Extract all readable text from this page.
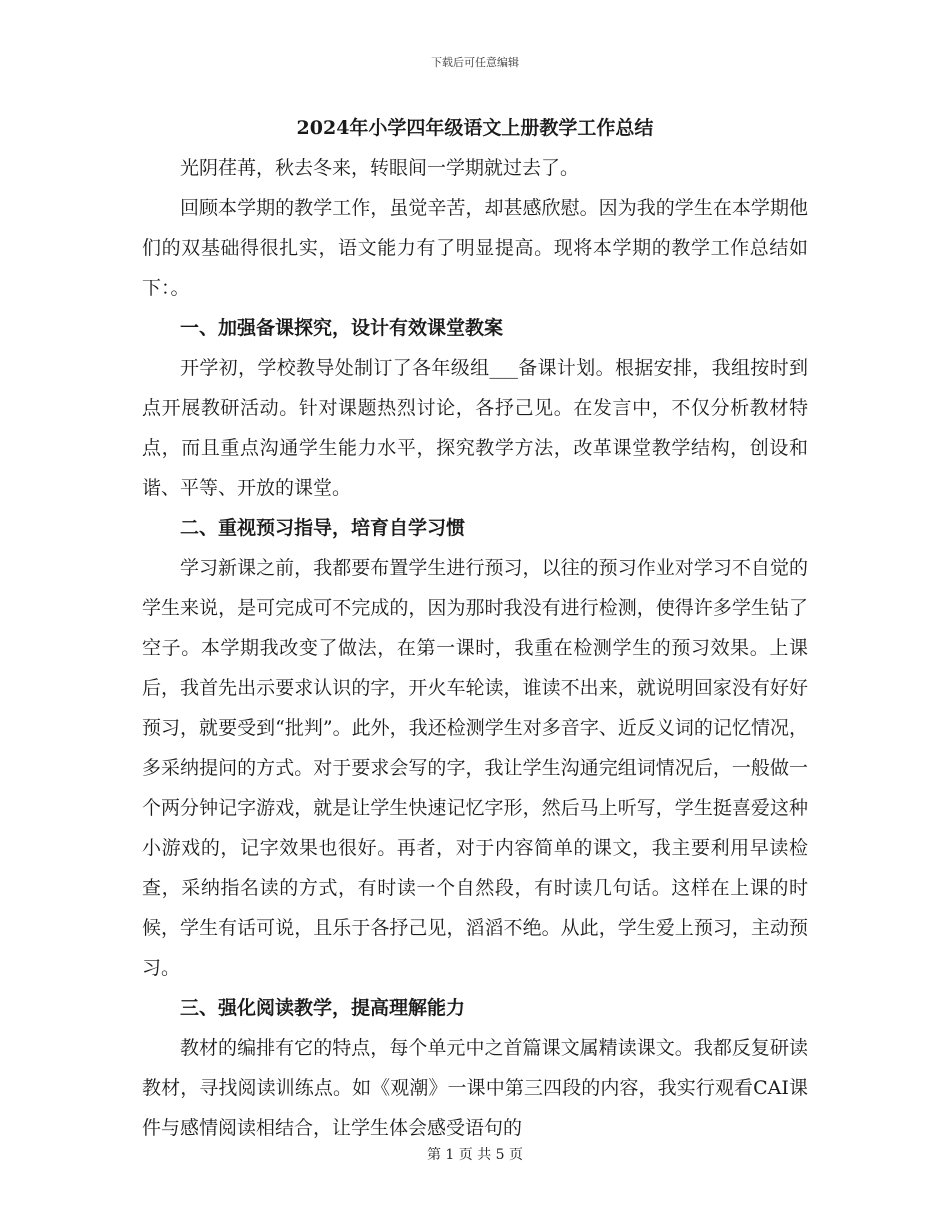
下载后可任意编辑

2024年小学四年级语文上册教学工作总结

光阴荏苒，秋去冬来，转眼间一学期就过去了。

回顾本学期的教学工作，虽觉辛苦，却甚感欣慰。因为我的学生在本学期他们的双基础得很扎实，语文能力有了明显提高。现将本学期的教学工作总结如下：。

一、加强备课探究，设计有效课堂教案

开学初，学校教导处制订了各年级组___备课计划。根据安排，我组按时到点开展教研活动。针对课题热烈讨论，各抒己见。在发言中，不仅分析教材特点，而且重点沟通学生能力水平，探究教学方法，改革课堂教学结构，创设和谐、平等、开放的课堂。

二、重视预习指导，培育自学习惯

学习新课之前，我都要布置学生进行预习，以往的预习作业对学习不自觉的学生来说，是可完成可不完成的，因为那时我没有进行检测，使得许多学生钻了空子。本学期我改变了做法，在第一课时，我重在检测学生的预习效果。上课后，我首先出示要求认识的字，开火车轮读，谁读不出来，就说明回家没有好好预习，就要受到“批判”。此外，我还检测学生对多音字、近反义词的记忆情况，多采纳提问的方式。对于要求会写的字，我让学生沟通完组词情况后，一般做一个两分钟记字游戏，就是让学生快速记忆字形，然后马上听写，学生挺喜爱这种小游戏的，记字效果也很好。再者，对于内容简单的课文，我主要利用早读检查，采纳指名读的方式，有时读一个自然段，有时读几句话。这样在上课的时候，学生有话可说，且乐于各抒己见，滔滔不绝。从此，学生爱上预习，主动预习。

三、强化阅读教学，提高理解能力

教材的编排有它的特点，每个单元中之首篇课文属精读课文。我都反复研读教材，寻找阅读训练点。如《观潮》一课中第三四段的内容，我实行观看CAI课件与感情阅读相结合，让学生体会感受语句的

第 1 页 共 5 页
